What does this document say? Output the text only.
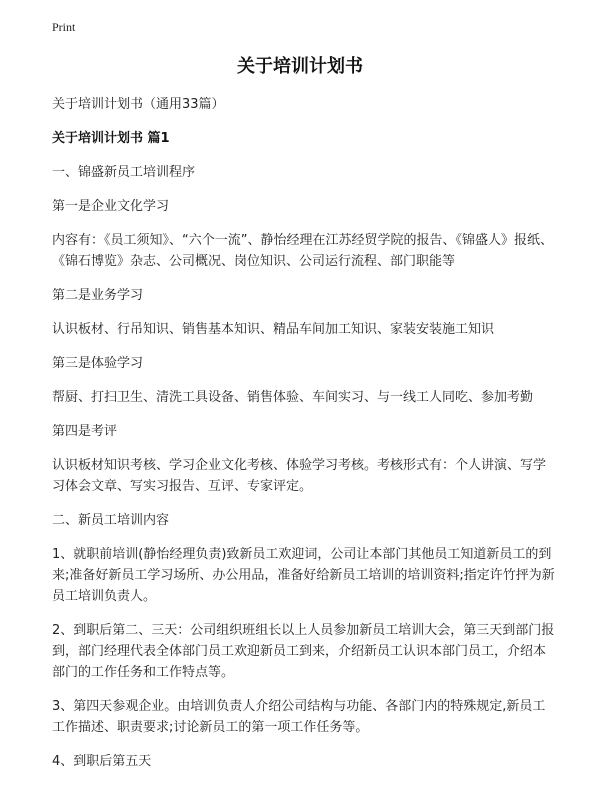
Print
关于培训计划书

关于培训计划书（通用33篇）

关于培训计划书 篇1

一、锦盛新员工培训程序

第一是企业文化学习

内容有：《员工须知》、“六个一流”、静怡经理在江苏经贸学院的报告、《锦盛人》报纸、《锦石博览》杂志、公司概况、岗位知识、公司运行流程、部门职能等

第二是业务学习

认识板材、行吊知识、销售基本知识、精品车间加工知识、家装安装施工知识

第三是体验学习

帮厨、打扫卫生、清洗工具设备、销售体验、车间实习、与一线工人同吃、参加考勤

第四是考评

认识板材知识考核、学习企业文化考核、体验学习考核。考核形式有：个人讲演、写学习体会文章、写实习报告、互评、专家评定。

二、新员工培训内容

1、就职前培训(静怡经理负责)致新员工欢迎词，公司让本部门其他员工知道新员工的到来;准备好新员工学习场所、办公用品，准备好给新员工培训的培训资料;指定许竹抨为新员工培训负责人。

2、到职后第二、三天：公司组织班组长以上人员参加新员工培训大会，第三天到部门报到，部门经理代表全体部门员工欢迎新员工到来，介绍新员工认识本部门员工，介绍本部门的工作任务和工作特点等。

3、第四天参观企业。由培训负责人介绍公司结构与功能、各部门内的特殊规定,新员工工作描述、职责要求;讨论新员工的第一项工作任务等。

4、到职后第五天
